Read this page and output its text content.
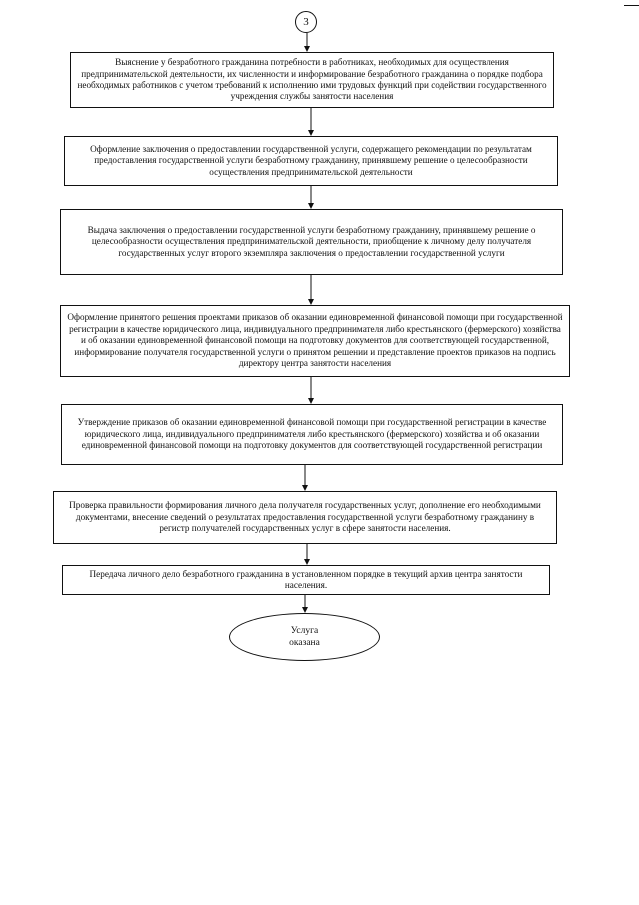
3
Выяснение у безработного гражданина потребности в работниках, необходимых для осуществления предпринимательской деятельности, их численности и информирование безработного гражданина о порядке подбора необходимых работников с учетом требований к исполнению ими трудовых функций при содействии государственного учреждения службы занятости населения
Оформление заключения о предоставлении государственной услуги, содержащего рекомендации по результатам предоставления государственной услуги безработному гражданину, принявшему решение о целесообразности осуществления предпринимательской деятельности
Выдача заключения о предоставлении государственной услуги безработному гражданину, принявшему решение о целесообразности осуществления предпринимательской деятельности, приобщение к личному делу получателя государственных услуг второго экземпляра заключения о предоставлении государственной услуги
Оформление принятого решения проектами приказов об оказании единовременной финансовой помощи при государственной регистрации в качестве юридического лица, индивидуального предпринимателя либо крестьянского (фермерского) хозяйства и об оказании единовременной финансовой помощи на подготовку документов для соответствующей государственной, информирование получателя государственной услуги о принятом решении и представление проектов приказов на подпись директору центра занятости населения
Утверждение приказов об оказании единовременной финансовой помощи при государственной регистрации в качестве юридического лица, индивидуального предпринимателя либо крестьянского (фермерского) хозяйства и об оказании единовременной финансовой помощи на подготовку документов для соответствующей государственной регистрации
Проверка правильности формирования личного дела получателя государственных услуг, дополнение его необходимыми документами, внесение сведений о результатах предоставления государственной услуги безработному гражданину в регистр получателей государственных услуг в сфере занятости населения.
Передача личного дело безработного гражданина в установленном порядке в текущий архив центра занятости населения.
Услуга
оказана
